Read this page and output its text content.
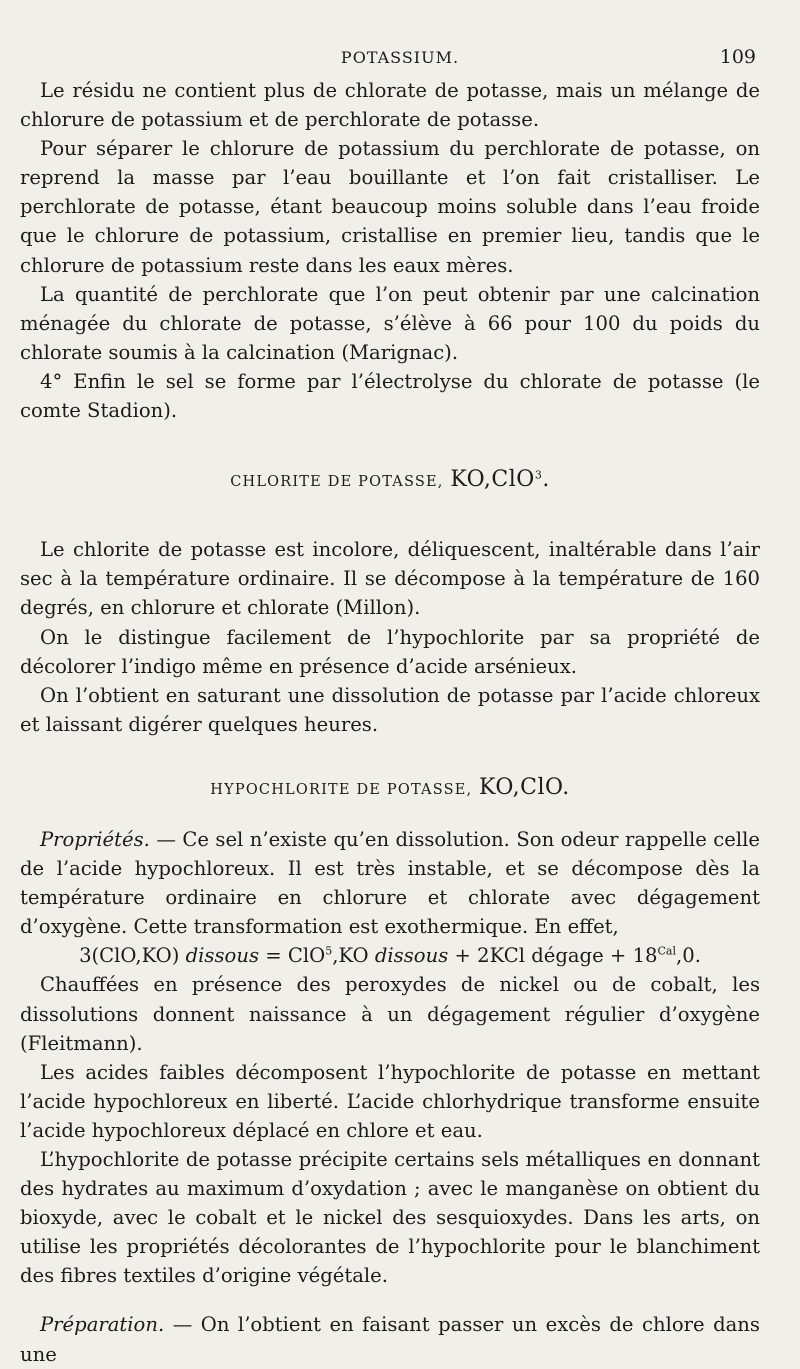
POTASSIUM.	109

Le résidu ne contient plus de chlorate de potasse, mais un mélange de chlorure de potassium et de perchlorate de potasse.

Pour séparer le chlorure de potassium du perchlorate de potasse, on reprend la masse par l’eau bouillante et l’on fait cristalliser. Le perchlorate de potasse, étant beaucoup moins soluble dans l’eau froide que le chlorure de potassium, cristallise en premier lieu, tandis que le chlorure de potassium reste dans les eaux mères.

La quantité de perchlorate que l’on peut obtenir par une calcination ménagée du chlorate de potasse, s’élève à 66 pour 100 du poids du chlorate soumis à la calcination (Marignac).

4° Enfin le sel se forme par l’électrolyse du chlorate de potasse (le comte Stadion).

CHLORITE DE POTASSE, KO,ClO$^3$.

Le chlorite de potasse est incolore, déliquescent, inaltérable dans l’air sec à la température ordinaire. Il se décompose à la température de 160 degrés, en chlorure et chlorate (Millon).

On le distingue facilement de l’hypochlorite par sa propriété de décolorer l’indigo même en présence d’acide arsénieux.

On l’obtient en saturant une dissolution de potasse par l’acide chloreux et laissant digérer quelques heures.

HYPOCHLORITE DE POTASSE, KO,ClO.

Propriétés. — Ce sel n’existe qu’en dissolution. Son odeur rappelle celle de l’acide hypochloreux. Il est très instable, et se décompose dès la température ordinaire en chlorure et chlorate avec dégagement d’oxygène. Cette transformation est exothermique. En effet,

3(ClO,KO) dissous = ClO$^5$,KO dissous + 2KCl dégage + $18^{Cal},0$.

Chauffées en présence des peroxydes de nickel ou de cobalt, les dissolutions donnent naissance à un dégagement régulier d’oxygène (Fleitmann).

Les acides faibles décomposent l’hypochlorite de potasse en mettant l’acide hypochloreux en liberté. L’acide chlorhydrique transforme ensuite l’acide hypochloreux déplacé en chlore et eau.

L’hypochlorite de potasse précipite certains sels métalliques en donnant des hydrates au maximum d’oxydation ; avec le manganèse on obtient du bioxyde, avec le cobalt et le nickel des sesquioxydes. Dans les arts, on utilise les propriétés décolorantes de l’hypochlorite pour le blanchiment des fibres textiles d’origine végétale.

Préparation. — On l’obtient en faisant passer un excès de chlore dans une
